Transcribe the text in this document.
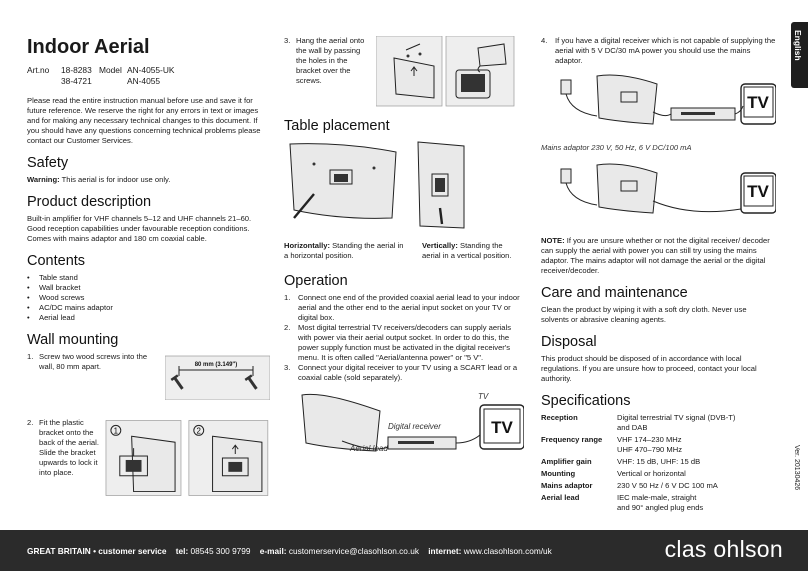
Indoor Aerial
Art.no	18-8283 Model AN-4055-UK
38-4721	AN-4055

Please read the entire instruction manual before use and save it for future reference. We reserve the right for any errors in text or images and for making any necessary technical changes to this document. If you should have any questions concerning technical problems please contact our Customer Services.

Safety

Warning: This aerial is for indoor use only.

Product description

Built-in amplifier for VHF channels 5–12 and UHF channels 21–60. Good reception capabilities under favourable reception conditions. Comes with mains adaptor and 180 cm coaxial cable.

Contents
• Table stand
• Wall bracket
• Wood screws
• AC/DC mains adaptor
• Aerial lead
Wall mounting
1. Screw two wood screws into the wall, 80 mm apart.	80 mm (3.149")
2. Fit the plastic bracket onto the back of the aerial. Slide the bracket upwards to lock it into place.

1	2
3. Hang the aerial onto the wall by passing the holes in the bracket over the screws.

Table placement

Horizontally: Standing the aerial in a horizontal position.

Vertically: Standing the aerial in a vertical position.

Operation
1.	Connect one end of the provided coaxial aerial lead to your indoor aerial and the other end to the aerial input socket on your TV or digital box.
2.	Most digital terrestrial TV receivers/decoders can supply aerials with power via their aerial output socket. In order to do this, the power supply function must be activated in the digital receiver's menu. It is often called "Aerial/antenna power" or "5 V".
3.	Connect your digital receiver to your TV using a SCART lead or a coaxial cable (sold separately).
Aerial lead
Digital receiver
TV
TV
4.	If you have a digital receiver which is not capable of supplying the aerial with 5 V DC/30 mA power you should use the mains adaptor.

TV

Mains adaptor 230 V, 50 Hz, 6 V DC/100 mA

TV

NOTE: If you are unsure whether or not the digital receiver/ decoder can supply the aerial with power you can still try using the mains adaptor. The mains adaptor will not damage the aerial or the digital receiver/decoder.

Care and maintenance

Clean the product by wiping it with a soft dry cloth. Never use solvents or abrasive cleaning agents.

Disposal

This product should be disposed of in accordance with local regulations. If you are unsure how to proceed, contact your local authority.

Specifications
Reception	Digital terrestrial TV signal (DVB-T)
and DAB
Frequency range	VHF 174–230 MHz
UHF 470–790 MHz
Amplifier gain	VHF: 15 dB, UHF: 15 dB
Mounting	Vertical or horizontal
Mains adaptor	230 V 50 Hz / 6 V DC 100 mA
Aerial lead	IEC male-male, straight
and 90° angled plug ends
English
Ver. 20130426
GREAT BRITAIN • customer service tel: 08545 300 9799 e-mail: customerservice@clasohlson.co.uk internet: www.clasohlson.com/uk	clas ohlson
